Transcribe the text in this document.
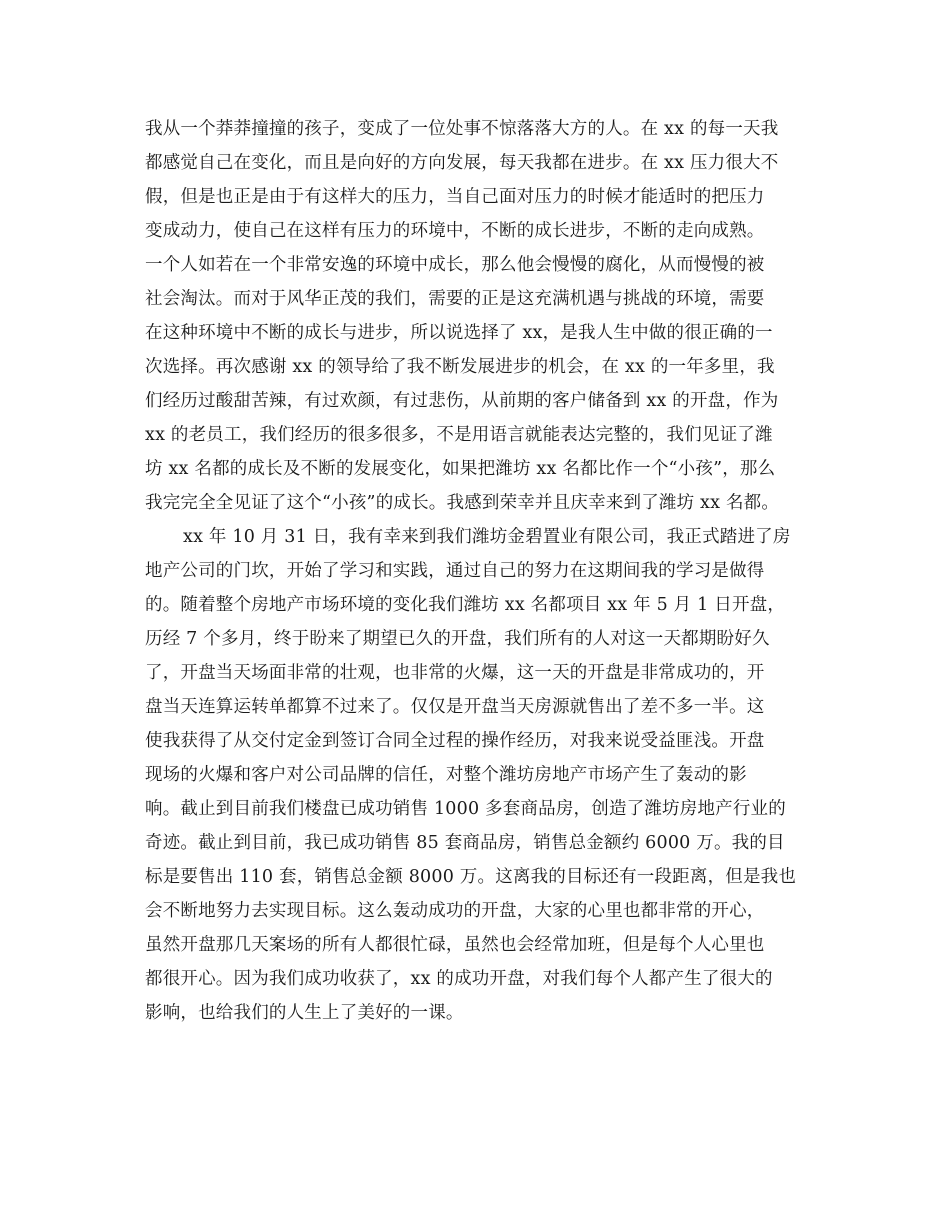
我从一个莽莽撞撞的孩子，变成了一位处事不惊落落大方的人。在 xx 的每一天我
都感觉自己在变化，而且是向好的方向发展，每天我都在进步。在 xx 压力很大不
假，但是也正是由于有这样大的压力，当自己面对压力的时候才能适时的把压力
变成动力，使自己在这样有压力的环境中，不断的成长进步，不断的走向成熟。
一个人如若在一个非常安逸的环境中成长，那么他会慢慢的腐化，从而慢慢的被
社会淘汰。而对于风华正茂的我们，需要的正是这充满机遇与挑战的环境，需要
在这种环境中不断的成长与进步，所以说选择了 xx，是我人生中做的很正确的一
次选择。再次感谢 xx 的领导给了我不断发展进步的机会，在 xx 的一年多里，我
们经历过酸甜苦辣，有过欢颜，有过悲伤，从前期的客户储备到 xx 的开盘，作为
xx 的老员工，我们经历的很多很多，不是用语言就能表达完整的，我们见证了潍
坊 xx 名都的成长及不断的发展变化，如果把潍坊 xx 名都比作一个“小孩”，那么
我完完全全见证了这个“小孩”的成长。我感到荣幸并且庆幸来到了潍坊 xx 名都。
xx 年 10 月 31 日，我有幸来到我们潍坊金碧置业有限公司，我正式踏进了房
地产公司的门坎，开始了学习和实践，通过自己的努力在这期间我的学习是做得
的。随着整个房地产市场环境的变化我们潍坊 xx 名都项目 xx 年 5 月 1 日开盘，
历经 7 个多月，终于盼来了期望已久的开盘，我们所有的人对这一天都期盼好久
了，开盘当天场面非常的壮观，也非常的火爆，这一天的开盘是非常成功的，开
盘当天连算运转单都算不过来了。仅仅是开盘当天房源就售出了差不多一半。这
使我获得了从交付定金到签订合同全过程的操作经历，对我来说受益匪浅。开盘
现场的火爆和客户对公司品牌的信任，对整个潍坊房地产市场产生了轰动的影
响。截止到目前我们楼盘已成功销售 1000 多套商品房，创造了潍坊房地产行业的
奇迹。截止到目前，我已成功销售 85 套商品房，销售总金额约 6000 万。我的目
标是要售出 110 套，销售总金额 8000 万。这离我的目标还有一段距离，但是我也
会不断地努力去实现目标。这么轰动成功的开盘，大家的心里也都非常的开心，
虽然开盘那几天案场的所有人都很忙碌，虽然也会经常加班，但是每个人心里也
都很开心。因为我们成功收获了，xx 的成功开盘，对我们每个人都产生了很大的
影响，也给我们的人生上了美好的一课。
